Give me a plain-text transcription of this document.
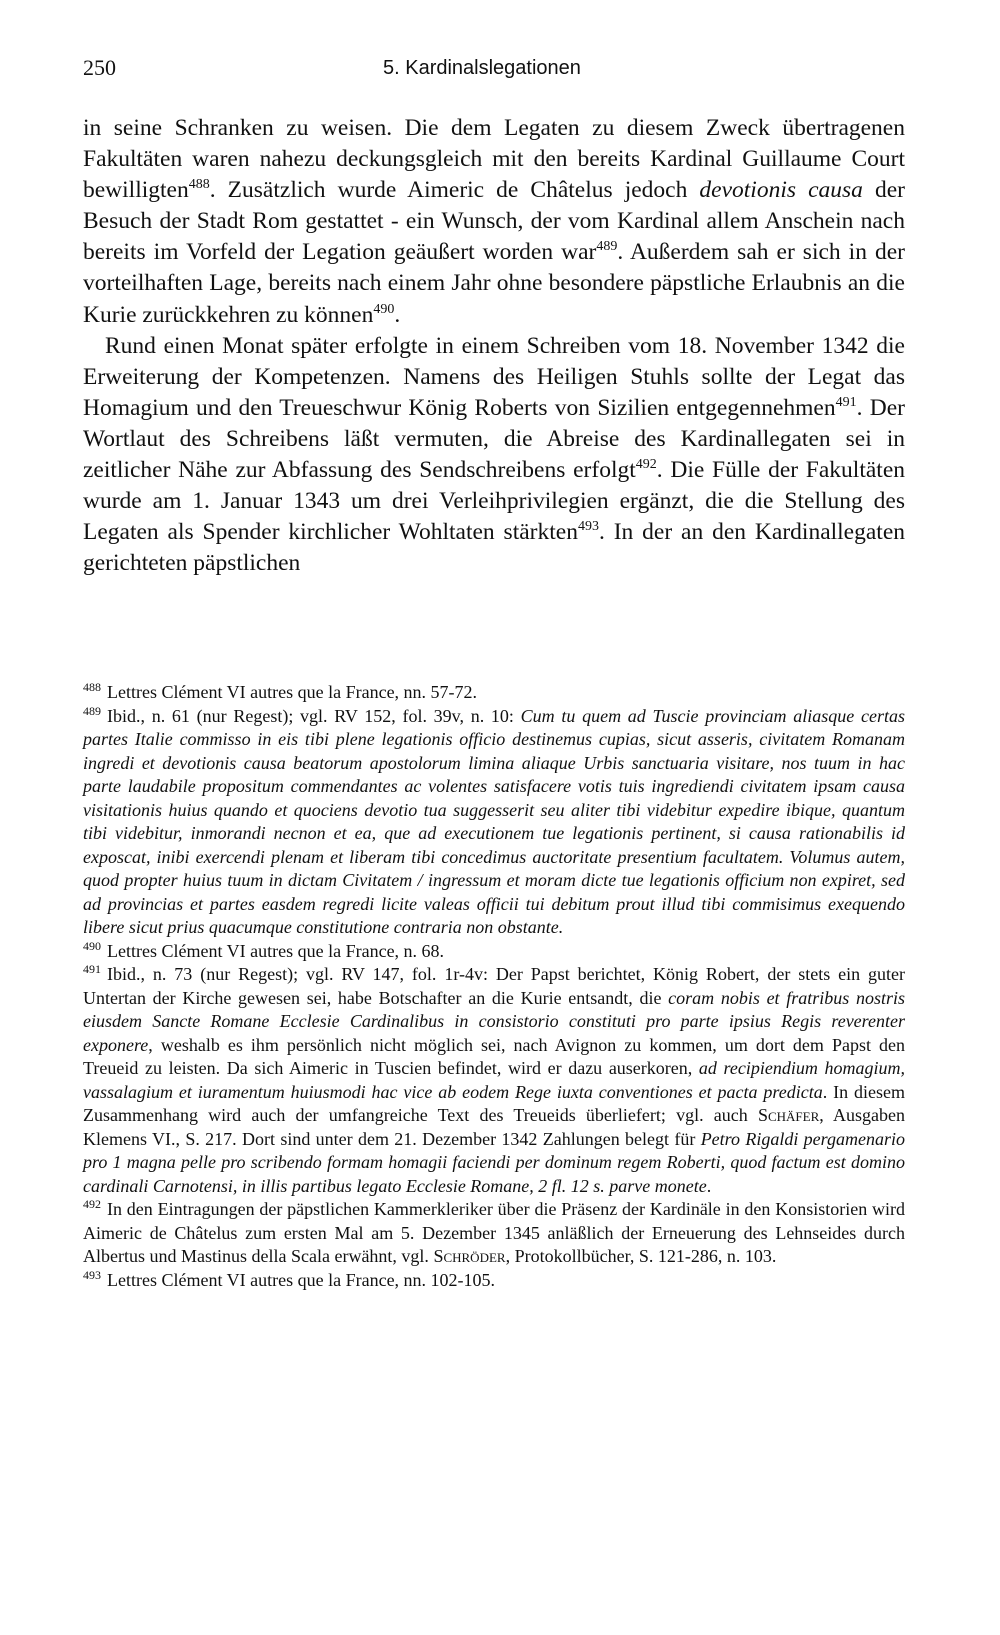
250	5. Kardinalslegationen

in seine Schranken zu weisen. Die dem Legaten zu diesem Zweck übertragenen Fakultäten waren nahezu deckungsgleich mit den bereits Kardinal Guillaume Court bewilligten$^{488}$. Zusätzlich wurde Aimeric de Châtelus jedoch devotionis causa der Besuch der Stadt Rom gestattet - ein Wunsch, der vom Kardinal allem Anschein nach bereits im Vorfeld der Legation geäußert worden war$^{489}$. Außerdem sah er sich in der vorteilhaften Lage, bereits nach einem Jahr ohne besondere päpstliche Erlaubnis an die Kurie zurückkehren zu können$^{490}$.

Rund einen Monat später erfolgte in einem Schreiben vom 18. November 1342 die Erweiterung der Kompetenzen. Namens des Heiligen Stuhls sollte der Legat das Homagium und den Treueschwur König Roberts von Sizilien entgegennehmen$^{491}$. Der Wortlaut des Schreibens läßt vermuten, die Abreise des Kardinallegaten sei in zeitlicher Nähe zur Abfassung des Sendschreibens erfolgt$^{492}$. Die Fülle der Fakultäten wurde am 1. Januar 1343 um drei Verleihprivilegien ergänzt, die die Stellung des Legaten als Spender kirchlicher Wohltaten stärkten$^{493}$. In der an den Kardinallegaten gerichteten päpstlichen

$^{488}$ Lettres Clément VI autres que la France, nn. 57-72.

$^{489}$ Ibid., n. 61 (nur Regest); vgl. RV 152, fol. 39v, n. 10: Cum tu quem ad Tuscie provinciam aliasque certas partes Italie commisso in eis tibi plene legationis officio destinemus cupias, sicut asseris, civitatem Romanam ingredi et devotionis causa beatorum apostolorum limina aliaque Urbis sanctuaria visitare, nos tuum in hac parte laudabile propositum commendantes ac volentes satisfacere votis tuis ingrediendi civitatem ipsam causa visitationis huius quando et quociens devotio tua suggesserit seu aliter tibi videbitur expedire ibique, quantum tibi videbitur, inmorandi necnon et ea, que ad executionem tue legationis pertinent, si causa rationabilis id exposcat, inibi exercendi plenam et liberam tibi concedimus auctoritate presentium facultatem. Volumus autem, quod propter huius tuum in dictam Civitatem / ingressum et moram dicte tue legationis officium non expiret, sed ad provincias et partes easdem regredi licite valeas officii tui debitum prout illud tibi commisimus exequendo libere sicut prius quacumque constitutione contraria non obstante.

$^{490}$ Lettres Clément VI autres que la France, n. 68.

$^{491}$ Ibid., n. 73 (nur Regest); vgl. RV 147, fol. 1r-4v: Der Papst berichtet, König Robert, der stets ein guter Untertan der Kirche gewesen sei, habe Botschafter an die Kurie entsandt, die coram nobis et fratribus nostris eiusdem Sancte Romane Ecclesie Cardinalibus in consistorio constituti pro parte ipsius Regis reverenter exponere, weshalb es ihm persönlich nicht möglich sei, nach Avignon zu kommen, um dort dem Papst den Treueid zu leisten. Da sich Aimeric in Tuscien befindet, wird er dazu auserkoren, ad recipiendium homagium, vassalagium et iuramentum huiusmodi hac vice ab eodem Rege iuxta conventiones et pacta predicta. In diesem Zusammenhang wird auch der umfangreiche Text des Treueids überliefert; vgl. auch Schäfer, Ausgaben Klemens VI., S. 217. Dort sind unter dem 21. Dezember 1342 Zahlungen belegt für Petro Rigaldi pergamenario pro 1 magna pelle pro scribendo formam homagii faciendi per dominum regem Roberti, quod factum est domino cardinali Carnotensi, in illis partibus legato Ecclesie Romane, 2 fl. 12 s. parve monete.

$^{492}$ In den Eintragungen der päpstlichen Kammerkleriker über die Präsenz der Kardinäle in den Konsistorien wird Aimeric de Châtelus zum ersten Mal am 5. Dezember 1345 anläßlich der Erneuerung des Lehnseides durch Albertus und Mastinus della Scala erwähnt, vgl. Schröder, Protokollbücher, S. 121-286, n. 103.

$^{493}$ Lettres Clément VI autres que la France, nn. 102-105.
